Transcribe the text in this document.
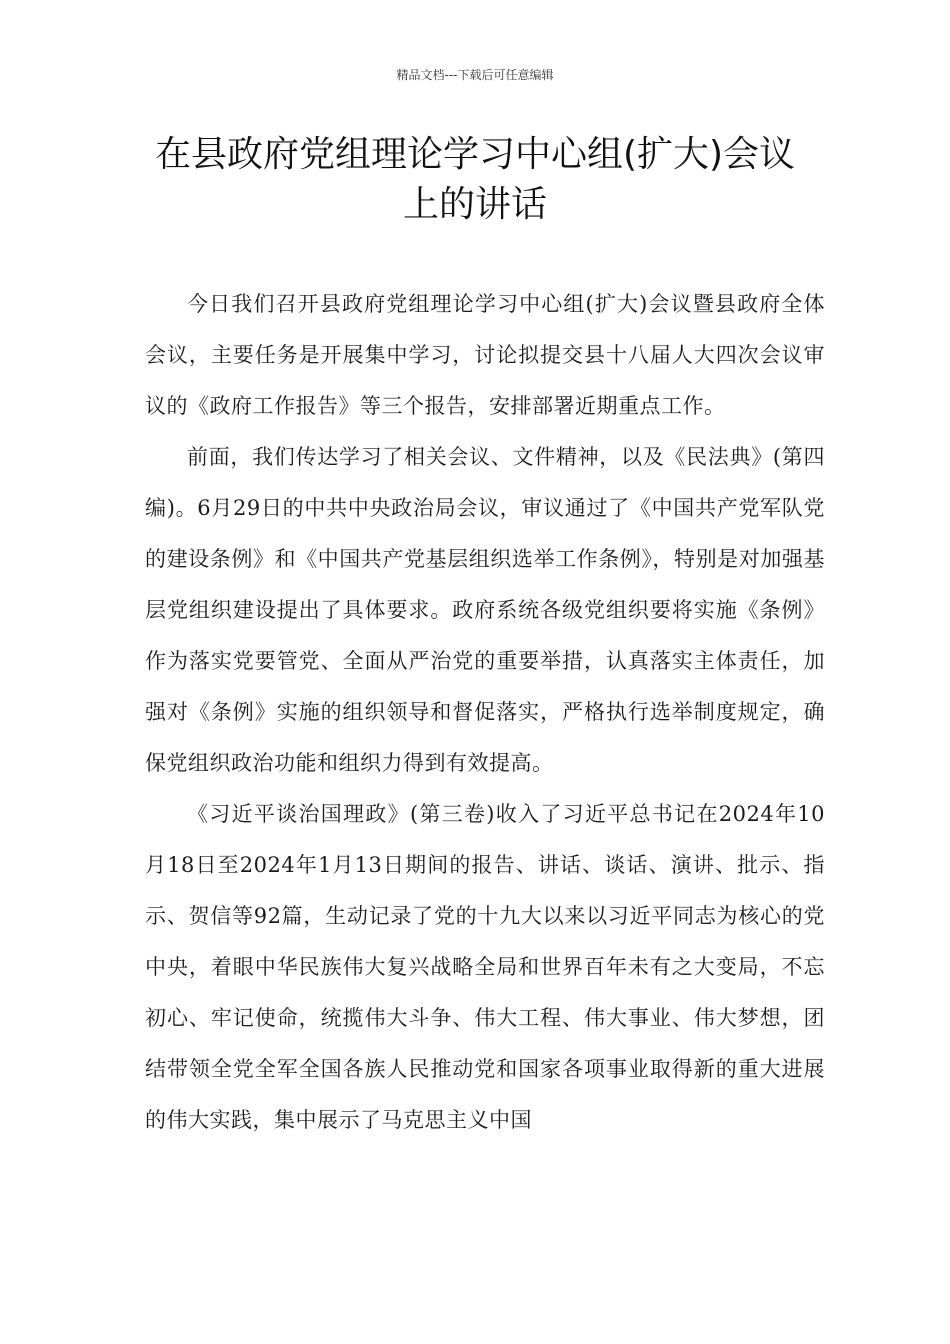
精品文档---下载后可任意编辑
在县政府党组理论学习中心组(扩大)会议上的讲话

今日我们召开县政府党组理论学习中心组(扩大)会议暨县政府全体会议，主要任务是开展集中学习，讨论拟提交县十八届人大四次会议审议的《政府工作报告》等三个报告，安排部署近期重点工作。

前面，我们传达学习了相关会议、文件精神，以及《民法典》(第四编)。6月29日的中共中央政治局会议，审议通过了《中国共产党军队党的建设条例》和《中国共产党基层组织选举工作条例》，特别是对加强基层党组织建设提出了具体要求。政府系统各级党组织要将实施《条例》作为落实党要管党、全面从严治党的重要举措，认真落实主体责任，加强对《条例》实施的组织领导和督促落实，严格执行选举制度规定，确保党组织政治功能和组织力得到有效提高。

《习近平谈治国理政》(第三卷)收入了习近平总书记在2024年10月18日至2024年1月13日期间的报告、讲话、谈话、演讲、批示、指示、贺信等92篇，生动记录了党的十九大以来以习近平同志为核心的党中央，着眼中华民族伟大复兴战略全局和世界百年未有之大变局，不忘初心、牢记使命，统揽伟大斗争、伟大工程、伟大事业、伟大梦想，团结带领全党全军全国各族人民推动党和国家各项事业取得新的重大进展的伟大实践，集中展示了马克思主义中国
